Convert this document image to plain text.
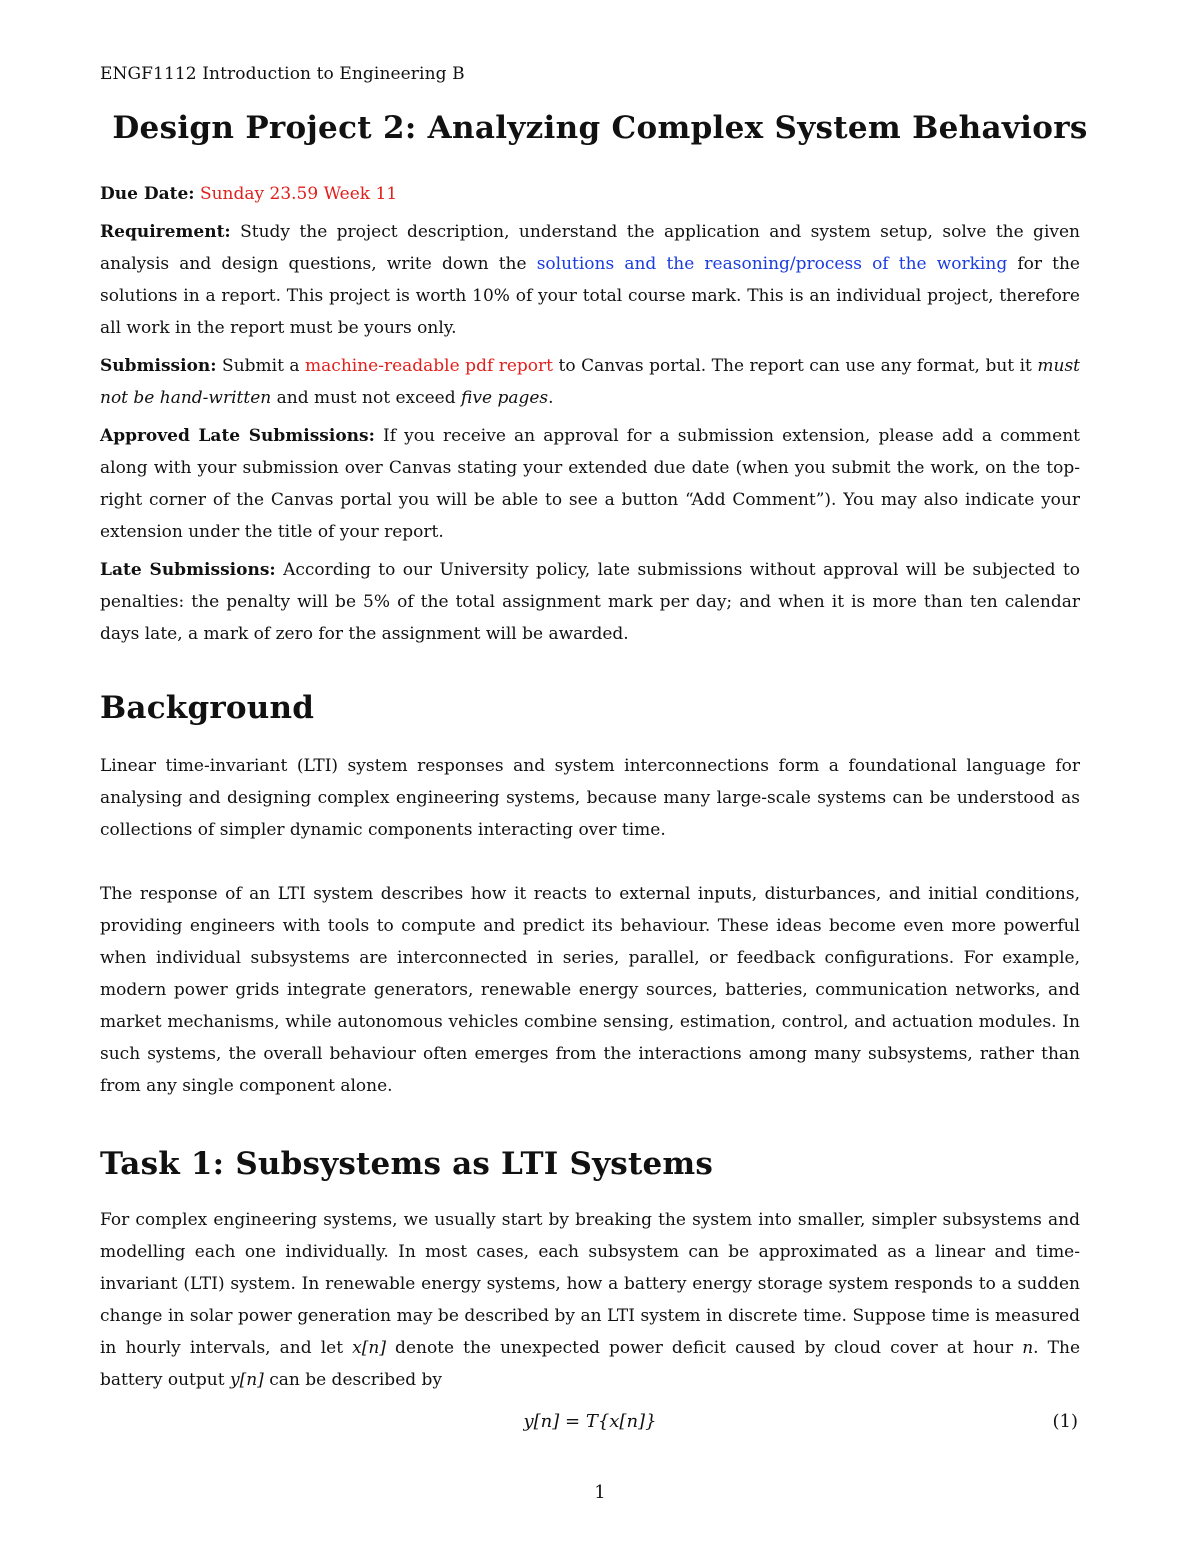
ENGF1112 Introduction to Engineering B
Design Project 2: Analyzing Complex System Behaviors

Due Date: Sunday 23.59 Week 11

Requirement: Study the project description, understand the application and system setup, solve the given analysis and design questions, write down the solutions and the reasoning/process of the working for the solutions in a report. This project is worth 10% of your total course mark. This is an individual project, therefore all work in the report must be yours only.

Submission: Submit a machine-readable pdf report to Canvas portal. The report can use any format, but it must not be hand-written and must not exceed five pages.

Approved Late Submissions: If you receive an approval for a submission extension, please add a comment along with your submission over Canvas stating your extended due date (when you submit the work, on the top-right corner of the Canvas portal you will be able to see a button “Add Comment”). You may also indicate your extension under the title of your report.

Late Submissions: According to our University policy, late submissions without approval will be subjected to penalties: the penalty will be 5% of the total assignment mark per day; and when it is more than ten calendar days late, a mark of zero for the assignment will be awarded.

Background

Linear time-invariant (LTI) system responses and system interconnections form a foundational language for analysing and designing complex engineering systems, because many large-scale systems can be understood as collections of simpler dynamic components interacting over time.

The response of an LTI system describes how it reacts to external inputs, disturbances, and initial conditions, providing engineers with tools to compute and predict its behaviour. These ideas become even more powerful when individual subsystems are interconnected in series, parallel, or feedback configurations. For example, modern power grids integrate generators, renewable energy sources, batteries, communication networks, and market mechanisms, while autonomous vehicles combine sensing, estimation, control, and actuation modules. In such systems, the overall behaviour often emerges from the interactions among many subsystems, rather than from any single component alone.

Task 1: Subsystems as LTI Systems

For complex engineering systems, we usually start by breaking the system into smaller, simpler subsystems and modelling each one individually. In most cases, each subsystem can be approximated as a linear and time-invariant (LTI) system. In renewable energy systems, how a battery energy storage system responds to a sudden change in solar power generation may be described by an LTI system in discrete time. Suppose time is measured in hourly intervals, and let x[n] denote the unexpected power deficit caused by cloud cover at hour n. The battery output y[n] can be described by

y[n] = T{x[n]}	(1)
1
